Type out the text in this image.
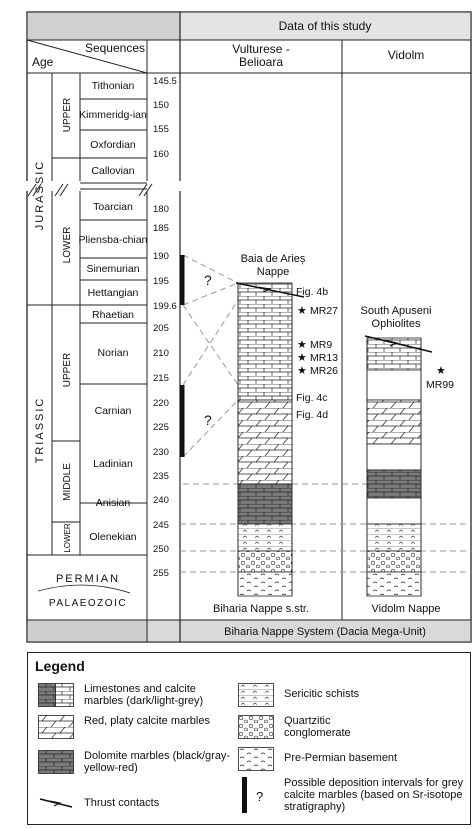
Data of this study
Sequences
Age
Vulturese -
Belioara	Vidolm
JURASSIC
TRIASSIC
UPPER
LOWER
UPPER
MIDDLE
LOWER
Tithonian
Kimmeridg-ian
Oxfordian
Callovian
Toarcian
Pliensba-chian
Sinemurian
Hettangian
Rhaetian
Norian
Carnian
Ladinian
Anisian
Olenekian
PERMIAN
PALAEOZOIC
145.5
150
155
160
180
185
190
195
199.6
205
210
215
220
225
230
235
240
245
250
255
?
?
Baia de Arieș
Nappe
Fig. 4b
Fig. 4c
Fig. 4d
★ MR27
★ MR9
★ MR13
★ MR26
South Apuseni
Ophiolites
★
MR99
Biharia Nappe s.str.	Vidolm Nappe
Biharia Nappe System (Dacia Mega-Unit)
Legend
Limestones and calcite marbles (dark/light-grey)
Red, platy calcite marbles
Dolomite marbles (black/gray-yellow-red)
Thrust contacts
Sericitic schists
Quartzitic conglomerate
Pre-Permian basement
?
Possible deposition intervals for grey calcite marbles (based on Sr-isotope stratigraphy)
